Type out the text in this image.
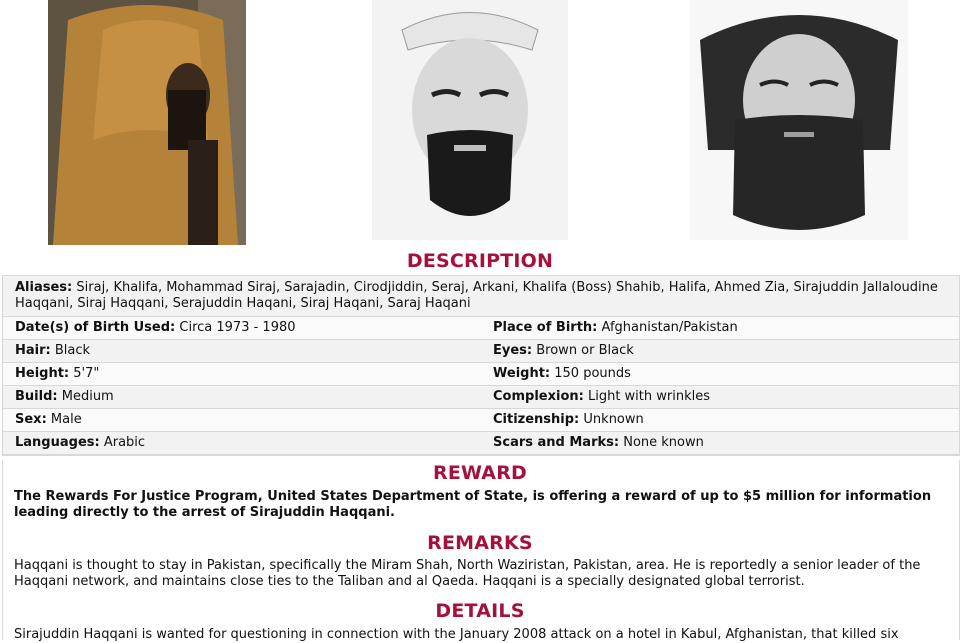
DESCRIPTION
Aliases: Siraj, Khalifa, Mohammad Siraj, Sarajadin, Cirodjiddin, Seraj, Arkani, Khalifa (Boss) Shahib, Halifa, Ahmed Zia, Sirajuddin Jallaloudine Haqqani, Siraj Haqqani, Serajuddin Haqani, Siraj Haqani, Saraj Haqani
Date(s) of Birth Used: Circa 1973 - 1980	Place of Birth: Afghanistan/Pakistan
Hair: Black	Eyes: Brown or Black
Height: 5'7"	Weight: 150 pounds
Build: Medium	Complexion: Light with wrinkles
Sex: Male	Citizenship: Unknown
Languages: Arabic	Scars and Marks: None known
REWARD
The Rewards For Justice Program, United States Department of State, is offering a reward of up to $5 million for information leading directly to the arrest of Sirajuddin Haqqani.
REMARKS
Haqqani is thought to stay in Pakistan, specifically the Miram Shah, North Waziristan, Pakistan, area. He is reportedly a senior leader of the Haqqani network, and maintains close ties to the Taliban and al Qaeda. Haqqani is a specially designated global terrorist.
DETAILS
Sirajuddin Haqqani is wanted for questioning in connection with the January 2008 attack on a hotel in Kabul, Afghanistan, that killed six
